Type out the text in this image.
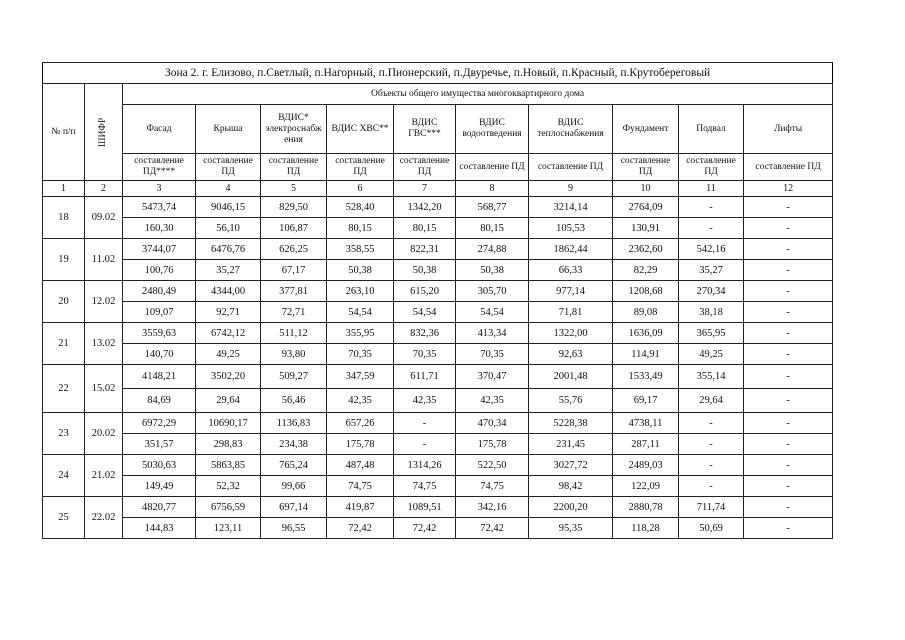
Зона 2. г. Елизово, п.Светлый, п.Нагорный, п.Пионерский, п.Двуречье, п.Новый, п.Красный, п.Крутобереговый											
№ п/п	ШИФР	Объекты общего имущества многоквартирного дома									
		Фасад	Крыша	ВДИС* электроснабж ения	ВДИС ХВС**	ВДИС ГВС***	ВДИС водоотведения	ВДИС теплоснабжения	Фундамент	Подвал	Лифты
		составление ПД****	составление ПД	составление ПД	составление ПД	составление ПД	составление ПД	составление ПД	составление ПД	составление ПД	составление ПД
1	2	3	4	5	6	7	8	9	10	11	12
18	09.02	5473,74	9046,15	829,50	528,40	1342,20	568,77	3214,14	2764,09	-	-
		160,30	56,10	106,87	80,15	80,15	80,15	105,53	130,91	-	-
19	11.02	3744,07	6476,76	626,25	358,55	822,31	274,88	1862,44	2362,60	542,16	-
		100,76	35,27	67,17	50,38	50,38	50,38	66,33	82,29	35,27	-
20	12.02	2480,49	4344,00	377,81	263,10	615,20	305,70	977,14	1208,68	270,34	-
		109,07	92,71	72,71	54,54	54,54	54,54	71,81	89,08	38,18	-
21	13.02	3559,63	6742,12	511,12	355,95	832,36	413,34	1322,00	1636,09	365,95	-
		140,70	49,25	93,80	70,35	70,35	70,35	92,63	114,91	49,25	-
22	15.02	4148,21	3502,20	509,27	347,59	611,71	370,47	2001,48	1533,49	355,14	-
		84,69	29,64	56,46	42,35	42,35	42,35	55,76	69,17	29,64	-
23	20.02	6972,29	10690,17	1136,83	657,26	-	470,34	5228,38	4738,11	-	-
		351,57	298,83	234,38	175,78	-	175,78	231,45	287,11	-	-
24	21.02	5030,63	5863,85	765,24	487,48	1314,26	522,50	3027,72	2489,03	-	-
		149,49	52,32	99,66	74,75	74,75	74,75	98,42	122,09	-	-
25	22.02	4820,77	6756,59	697,14	419,87	1089,51	342,16	2200,20	2880,78	711,74	-
		144,83	123,11	96,55	72,42	72,42	72,42	95,35	118,28	50,69	-
